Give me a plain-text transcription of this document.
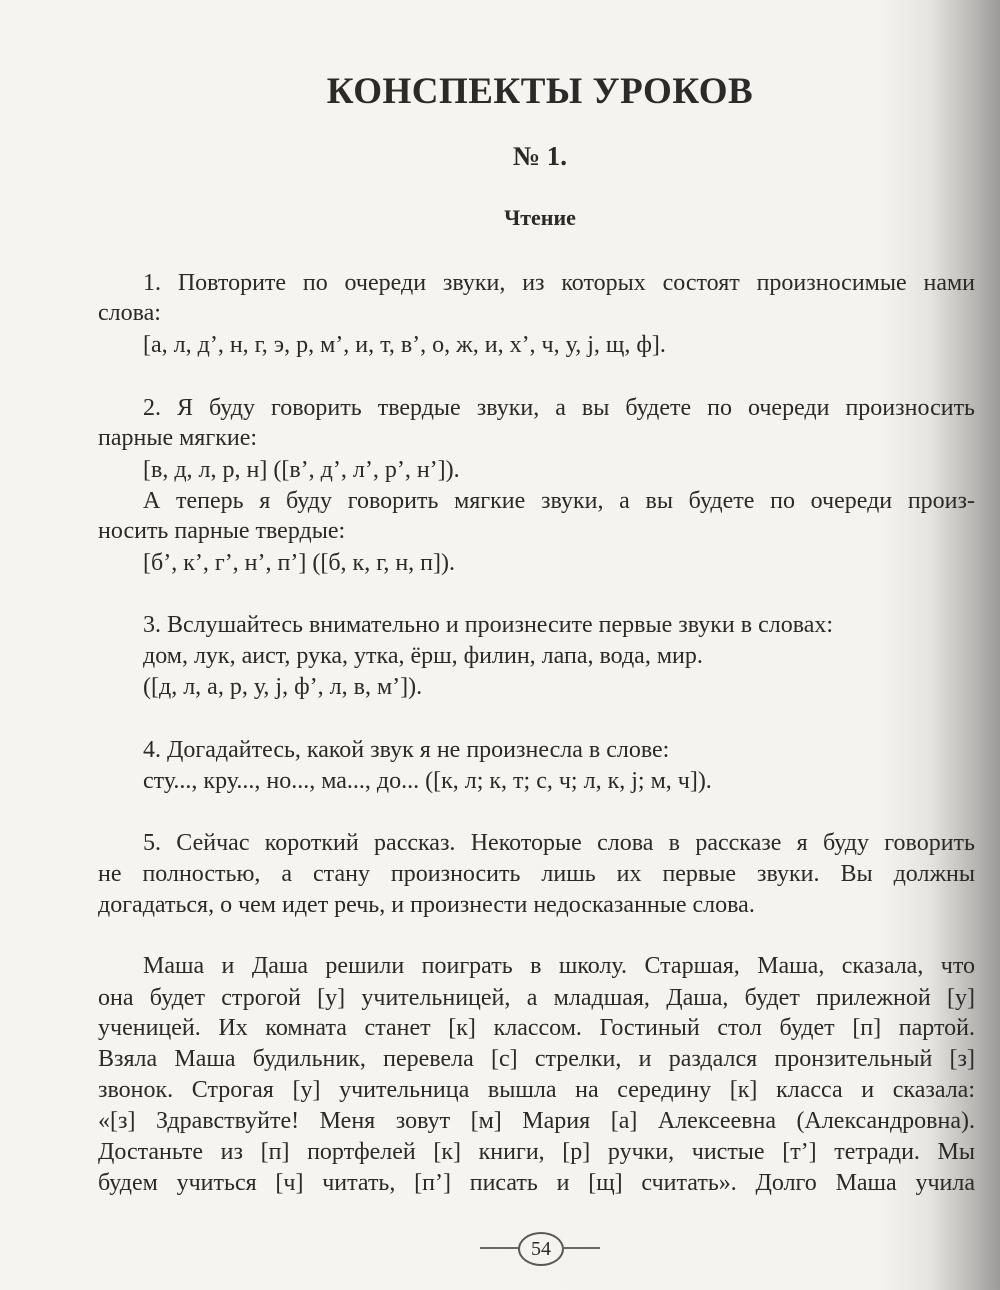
КОНСПЕКТЫ УРОКОВ
№ 1.
Чтение
1. Повторите по очереди звуки, из которых состоят произносимые нами
слова:
[а, л, д’, н, г, э, р, м’, и, т, в’, о, ж, и, х’, ч, у, j, щ, ф].
2. Я буду говорить твердые звуки, а вы будете по очереди произносить
парные мягкие:
[в, д, л, р, н] ([в’, д’, л’, р’, н’]).
А теперь я буду говорить мягкие звуки, а вы будете по очереди произ-
носить парные твердые:
[б’, к’, г’, н’, п’] ([б, к, г, н, п]).
3. Вслушайтесь внимательно и произнесите первые звуки в словах:
дом, лук, аист, рука, утка, ёрш, филин, лапа, вода, мир.
([д, л, а, р, у, j, ф’, л, в, м’]).
4. Догадайтесь, какой звук я не произнесла в слове:
сту..., кру..., но..., ма..., до... ([к, л; к, т; с, ч; л, к, j; м, ч]).
5. Сейчас короткий рассказ. Некоторые слова в рассказе я буду говорить
не полностью, а стану произносить лишь их первые звуки. Вы должны
догадаться, о чем идет речь, и произнести недосказанные слова.
Маша и Даша решили поиграть в школу. Старшая, Маша, сказала, что
она будет строгой [у] учительницей, а младшая, Даша, будет прилежной [у]
ученицей. Их комната станет [к] классом. Гостиный стол будет [п] партой.
Взяла Маша будильник, перевела [с] стрелки, и раздался пронзительный [з]
звонок. Строгая [у] учительница вышла на середину [к] класса и сказала:
«[з] Здравствуйте! Меня зовут [м] Мария [а] Алексеевна (Александровна).
Достаньте из [п] портфелей [к] книги, [р] ручки, чистые [т’] тетради. Мы
будем учиться [ч] читать, [п’] писать и [щ] считать». Долго Маша учила
54
